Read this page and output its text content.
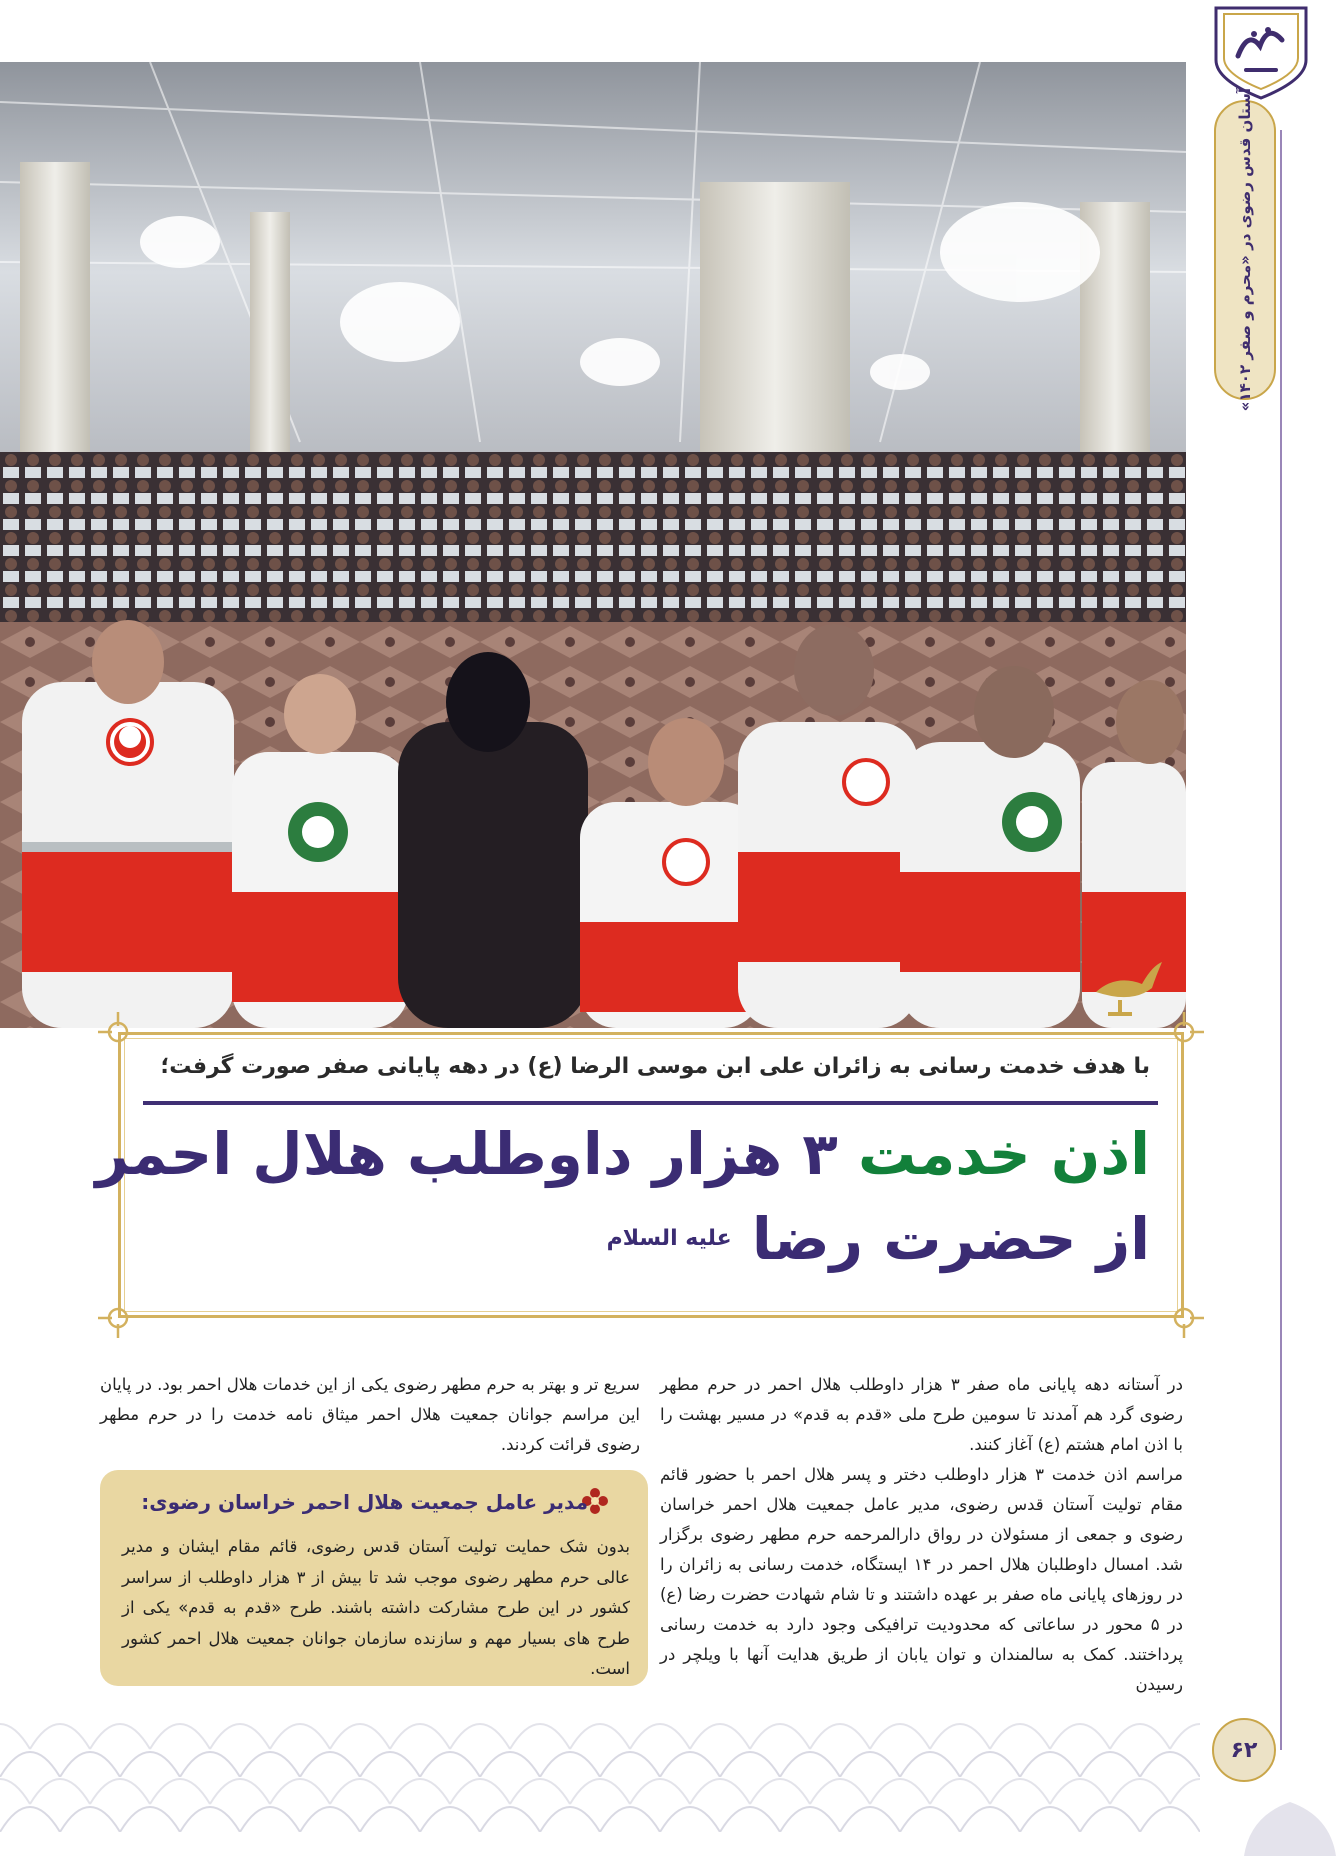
آستان قدس رضوی در «محرم و صفر ۱۴۰۲»
۶۲
با هدف خدمت رسانی به زائران علی ابن موسی الرضا (ع) در دهه پایانی صفر صورت گرفت؛
اذن خدمت ۳ هزار داوطلب هلال احمر
از حضرت رضا $^{علیه السلام}$

در آستانه دهه پایانی ماه صفر ۳ هزار داوطلب هلال احمر در حرم مطهر رضوی گرد هم آمدند تا سومین طرح ملی «قدم به قدم» در مسیر بهشت را با اذن امام هشتم (ع) آغاز کنند.

مراسم اذن خدمت ۳ هزار داوطلب دختر و پسر هلال احمر با حضور قائم مقام تولیت آستان قدس رضوی، مدیر عامل جمعیت هلال احمر خراسان رضوی و جمعی از مسئولان در رواق دارالمرحمه حرم مطهر رضوی برگزار شد. امسال داوطلبان هلال احمر در ۱۴ ایستگاه، خدمت رسانی به زائران را در روزهای پایانی ماه صفر بر عهده داشتند و تا شام شهادت حضرت رضا (ع) در ۵ محور در ساعاتی که محدودیت ترافیکی وجود دارد به خدمت رسانی پرداختند. کمک به سالمندان و توان یابان از طریق هدایت آنها با ویلچر در رسیدن

سریع تر و بهتر به حرم مطهر رضوی یکی از این خدمات هلال احمر بود. در پایان این مراسم جوانان جمعیت هلال احمر میثاق نامه خدمت را در حرم مطهر رضوی قرائت کردند.

مدیر عامل جمعیت هلال احمر خراسان رضوی:
بدون شک حمایت تولیت آستان قدس رضوی، قائم مقام ایشان و مدیر عالی حرم مطهر رضوی موجب شد تا بیش از ۳ هزار داوطلب از سراسر کشور در این طرح مشارکت داشته باشند. طرح «قدم به قدم» یکی از طرح های بسیار مهم و سازنده سازمان جوانان جمعیت هلال احمر کشور است.
